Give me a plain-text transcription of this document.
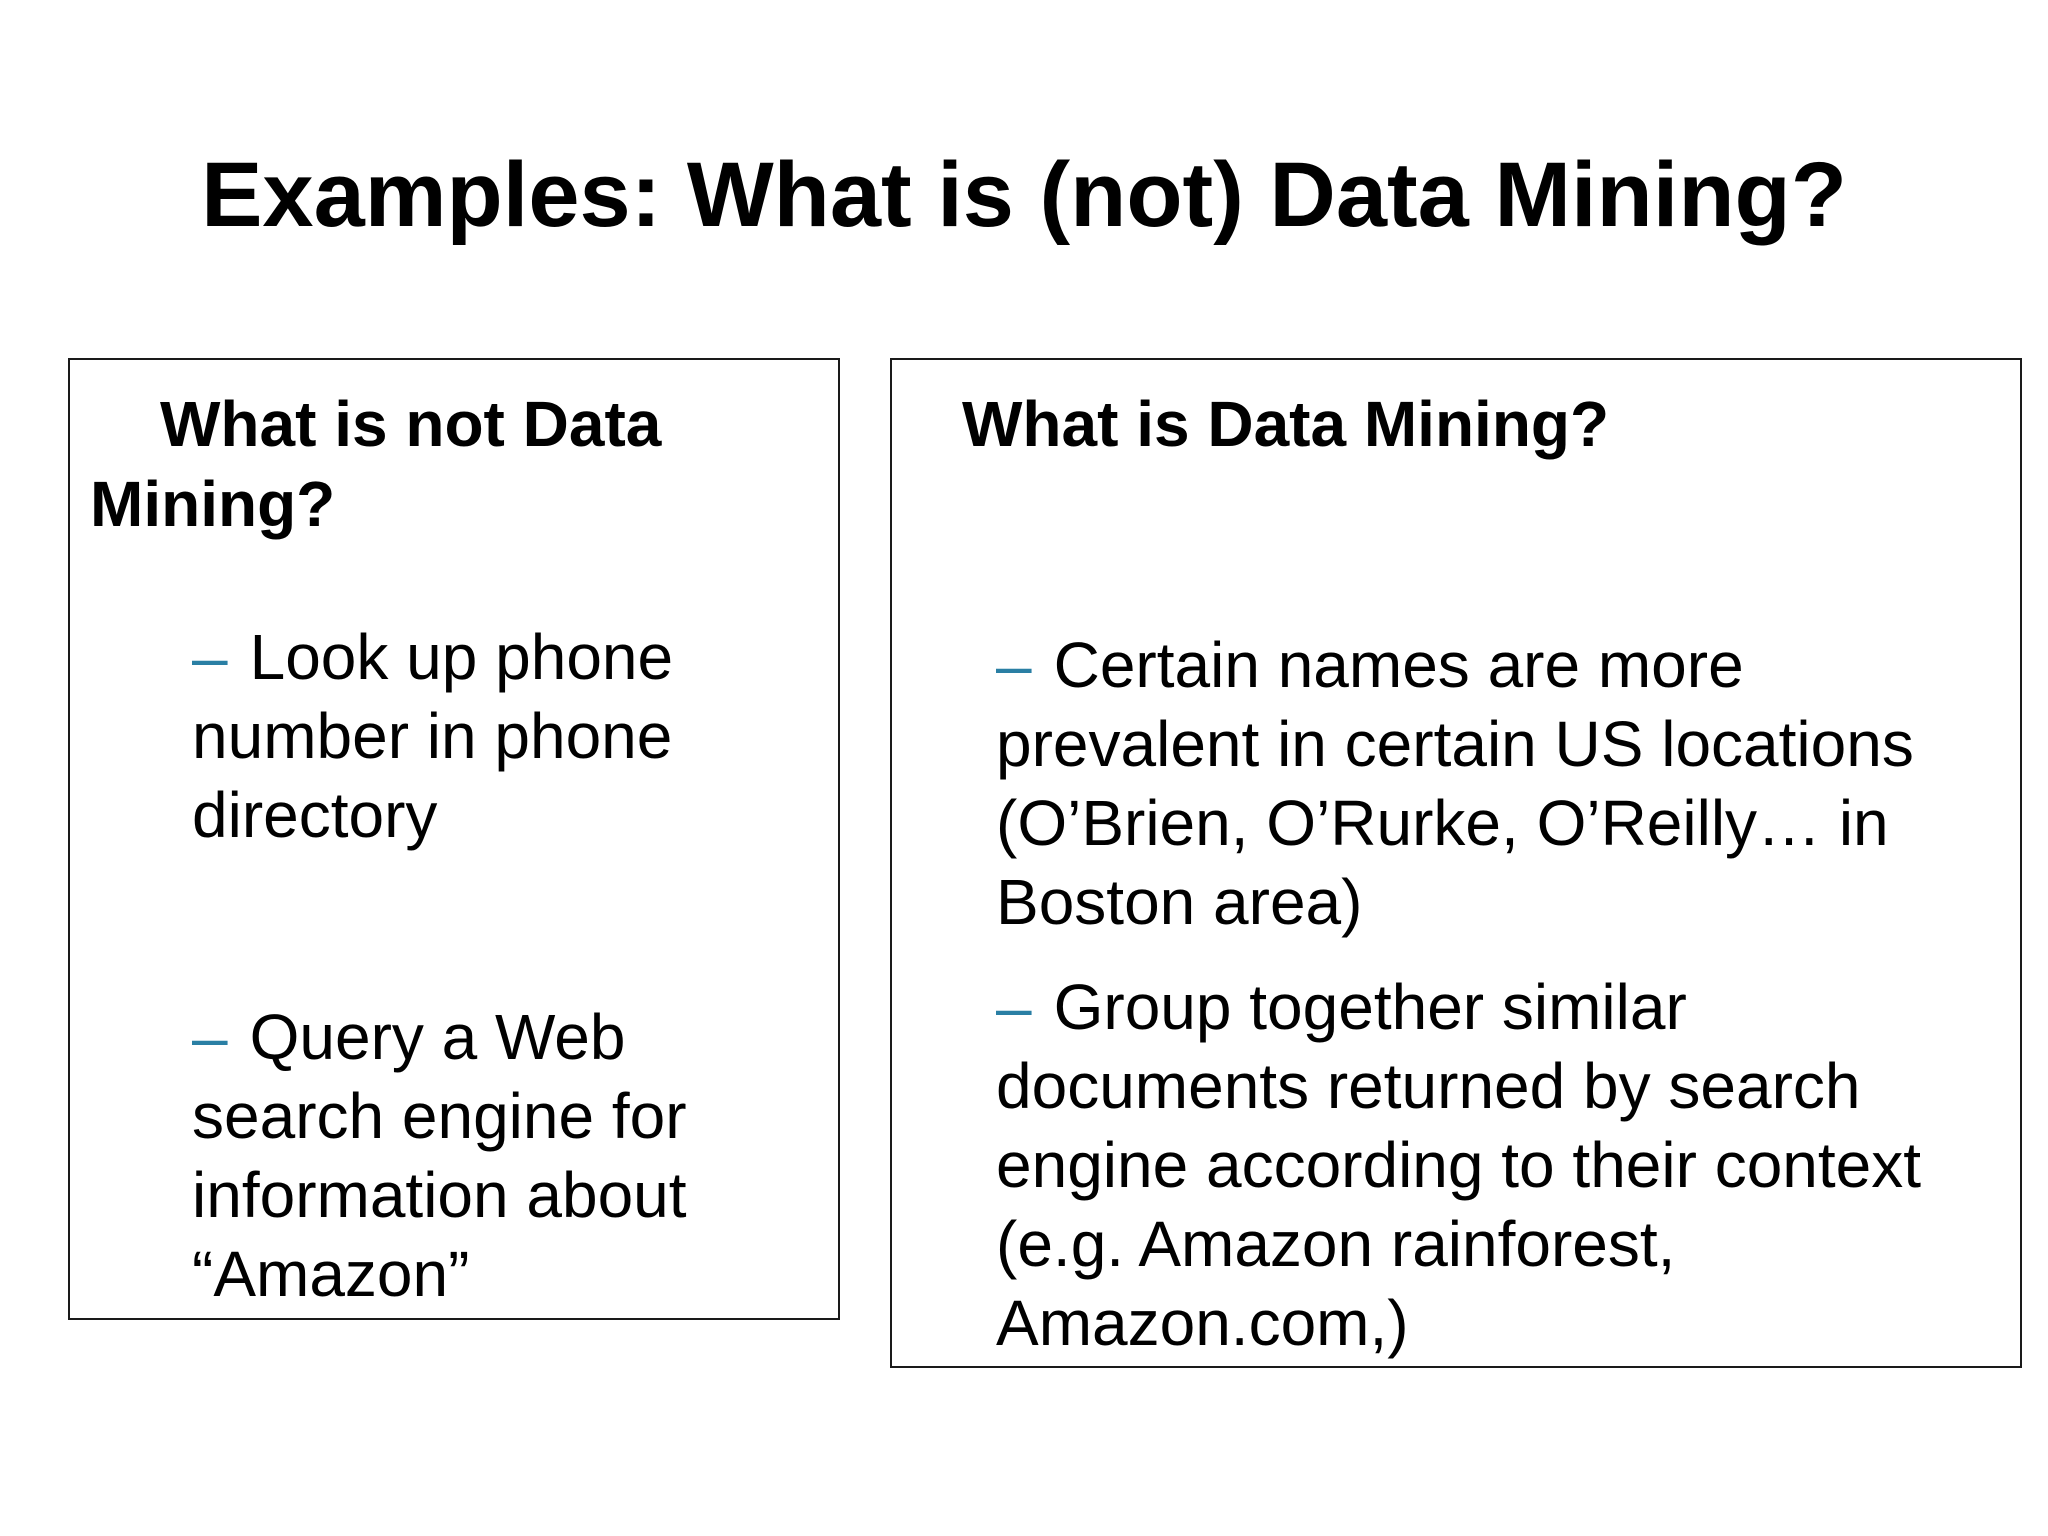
Examples: What is (not) Data Mining?

What is not Data Mining?

– Look up phone number in phone directory

– Query a Web search engine for information about “Amazon”

What is Data Mining?

– Certain names are more prevalent in certain US locations (O’Brien, O’Rurke, O’Reilly… in Boston area)

– Group together similar documents returned by search engine according to their context (e.g. Amazon rainforest, Amazon.com,)
